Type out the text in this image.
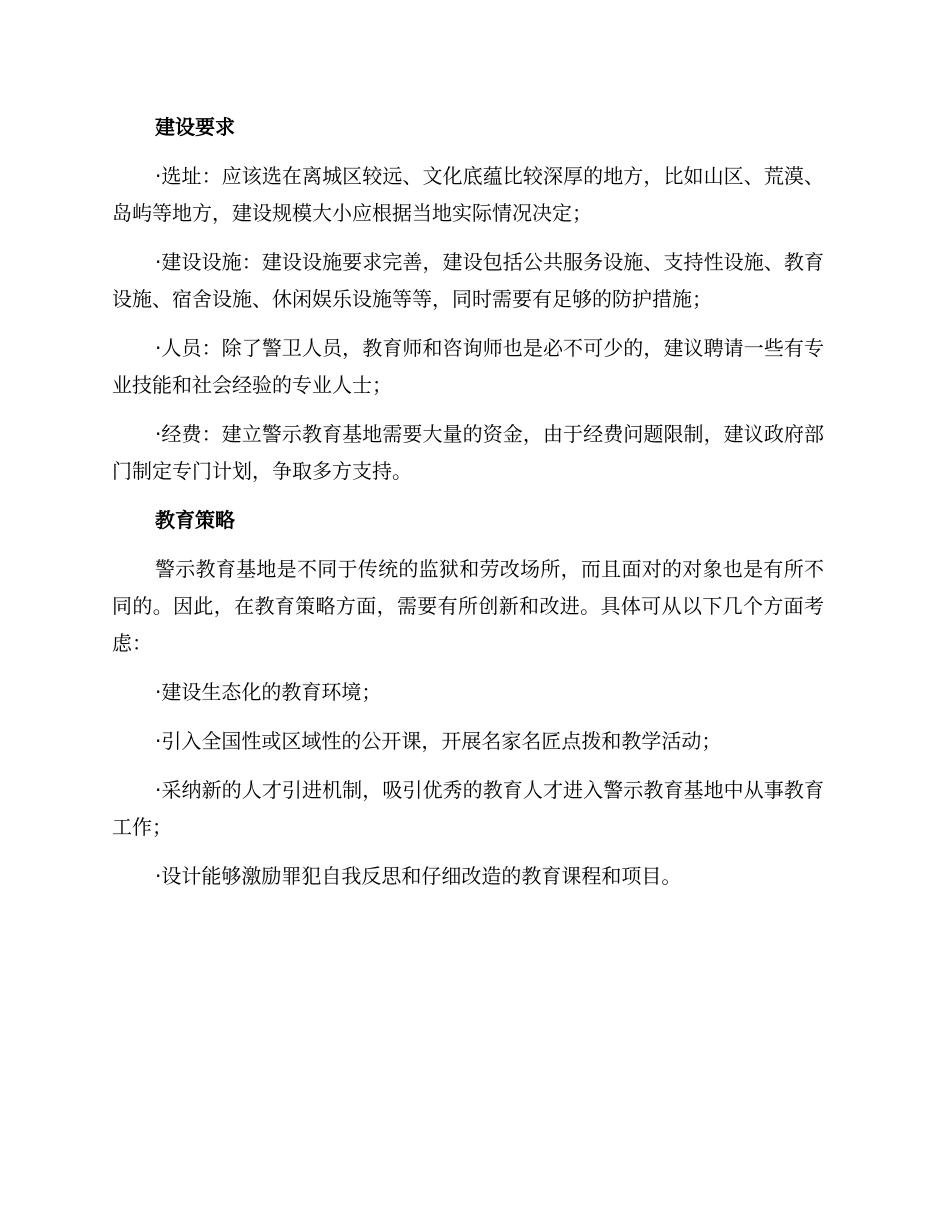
建设要求

·选址：应该选在离城区较远、文化底蕴比较深厚的地方，比如山区、荒漠、岛屿等地方，建设规模大小应根据当地实际情况决定；

·建设设施：建设设施要求完善，建设包括公共服务设施、支持性设施、教育设施、宿舍设施、休闲娱乐设施等等，同时需要有足够的防护措施；

·人员：除了警卫人员，教育师和咨询师也是必不可少的，建议聘请一些有专业技能和社会经验的专业人士；

·经费：建立警示教育基地需要大量的资金，由于经费问题限制，建议政府部门制定专门计划，争取多方支持。

教育策略

警示教育基地是不同于传统的监狱和劳改场所，而且面对的对象也是有所不同的。因此，在教育策略方面，需要有所创新和改进。具体可从以下几个方面考虑：

·建设生态化的教育环境；

·引入全国性或区域性的公开课，开展名家名匠点拨和教学活动；

·采纳新的人才引进机制，吸引优秀的教育人才进入警示教育基地中从事教育工作；

·设计能够激励罪犯自我反思和仔细改造的教育课程和项目。
